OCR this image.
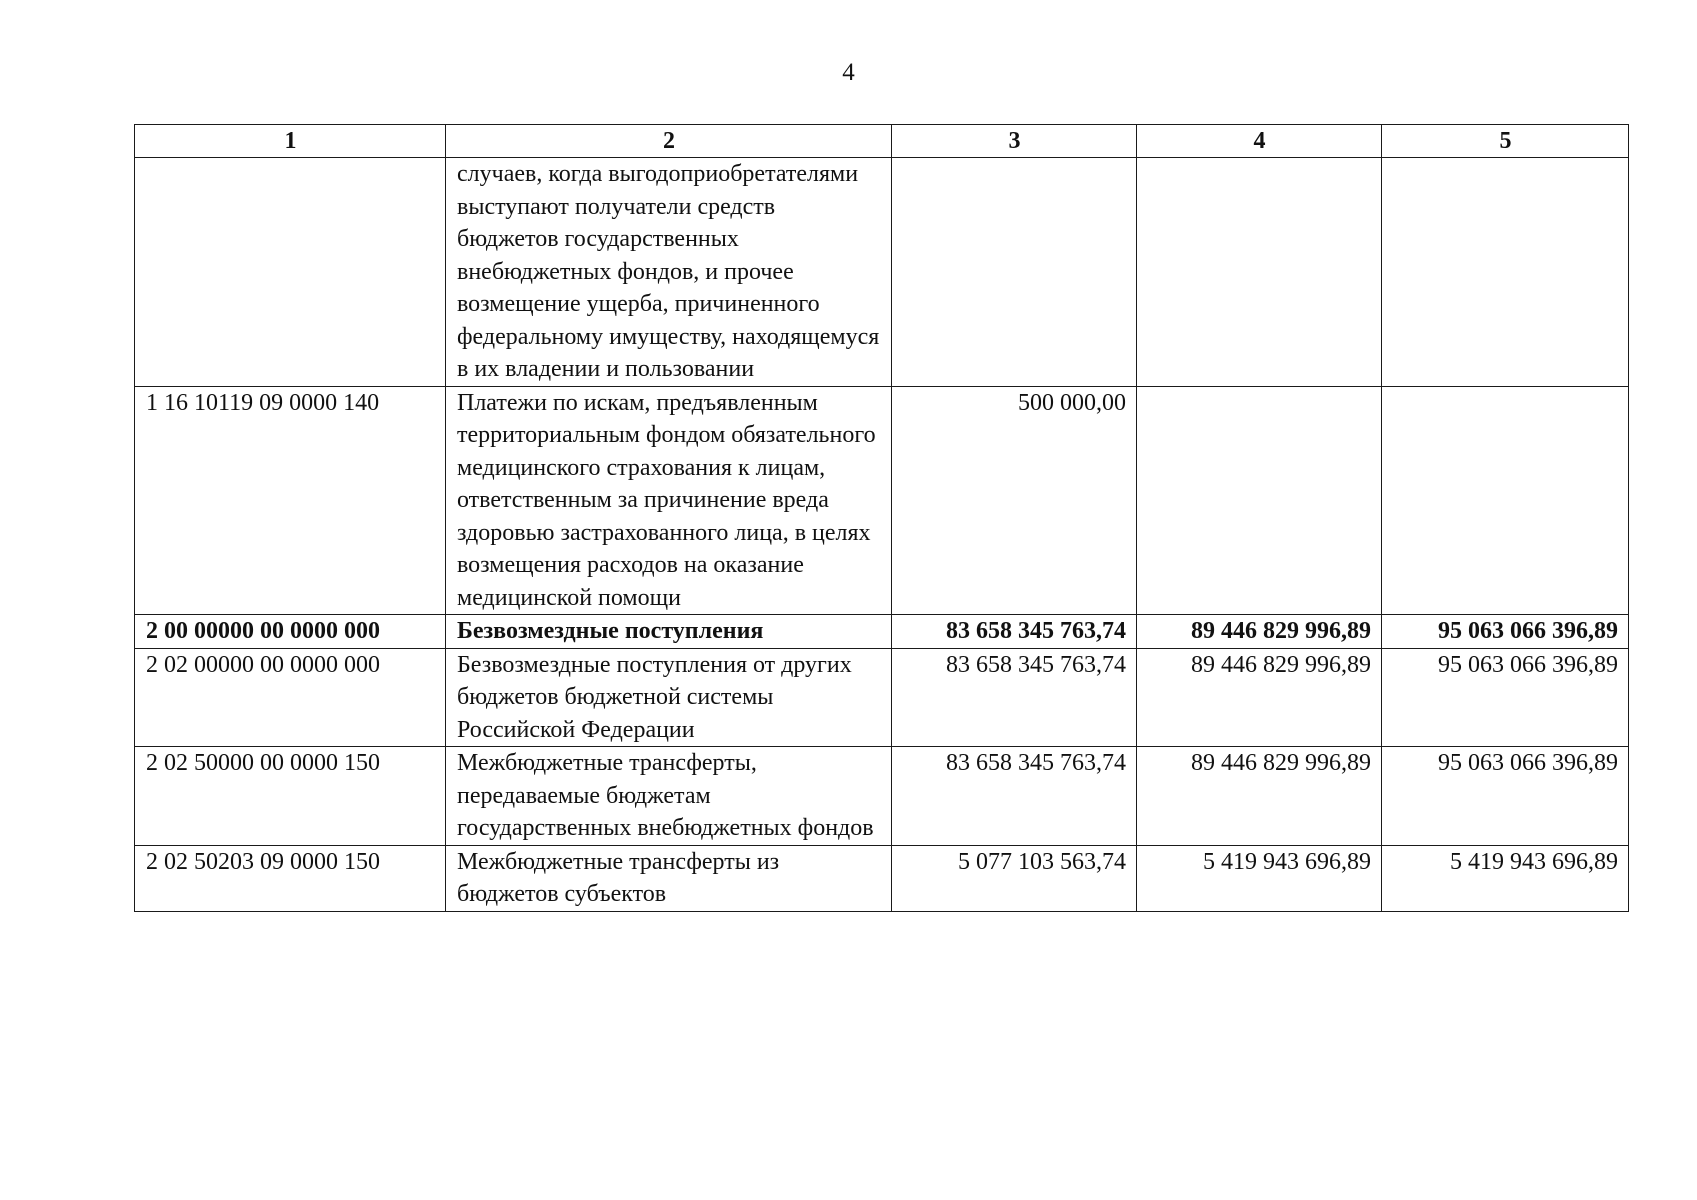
4
1	2	3	4	5
	случаев, когда выгодоприобретателями выступают получатели средств бюджетов государственных внебюджетных фондов, и прочее возмещение ущерба, причиненного федеральному имуществу, находящемуся в их владении и пользовании			
1 16 10119 09 0000 140	Платежи по искам, предъявленным территориальным фондом обязательного медицинского страхования к лицам, ответственным за причинение вреда здоровью застрахованного лица, в целях возмещения расходов на оказание медицинской помощи	500 000,00		
2 00 00000 00 0000 000	Безвозмездные поступления	83 658 345 763,74	89 446 829 996,89	95 063 066 396,89
2 02 00000 00 0000 000	Безвозмездные поступления от других бюджетов бюджетной системы Российской Федерации	83 658 345 763,74	89 446 829 996,89	95 063 066 396,89
2 02 50000 00 0000 150	Межбюджетные трансферты, передаваемые бюджетам государственных внебюджетных фондов	83 658 345 763,74	89 446 829 996,89	95 063 066 396,89
2 02 50203 09 0000 150	Межбюджетные трансферты из бюджетов субъектов	5 077 103 563,74	5 419 943 696,89	5 419 943 696,89
